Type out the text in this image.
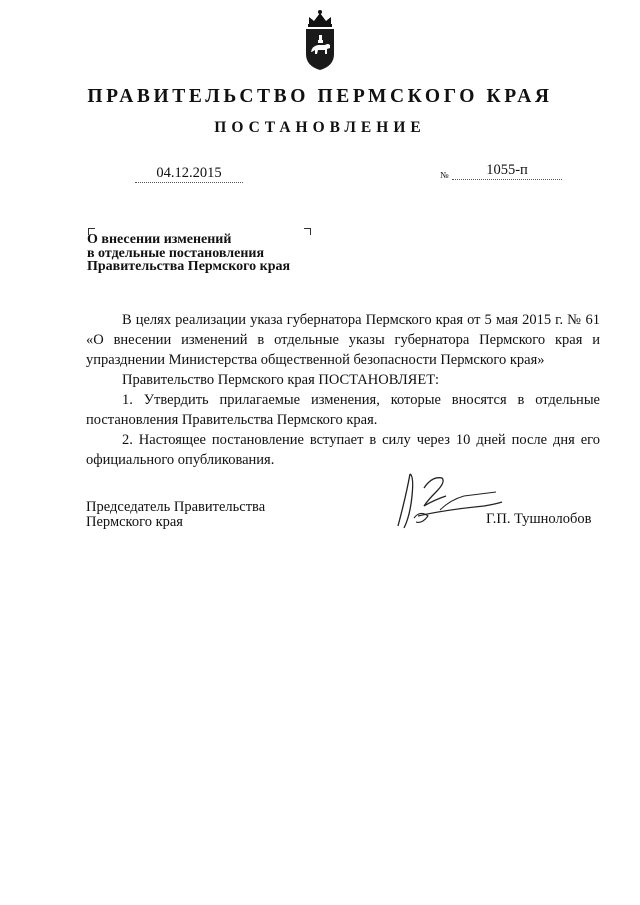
ПРАВИТЕЛЬСТВО ПЕРМСКОГО КРАЯ
ПОСТАНОВЛЕНИЕ
04.12.2015	№	1055-п
О внесении изменений
в отдельные постановления
Правительства Пермского края

В целях реализации указа губернатора Пермского края от 5 мая 2015 г. № 61 «О внесении изменений в отдельные указы губернатора Пермского края и упразднении Министерства общественной безопасности Пермского края»

Правительство Пермского края ПОСТАНОВЛЯЕТ:

1. Утвердить прилагаемые изменения, которые вносятся в отдельные постановления Правительства Пермского края.

2. Настоящее постановление вступает в силу через 10 дней после дня его официального опубликования.

Председатель Правительства
Пермского края	Г.П. Тушнолобов
